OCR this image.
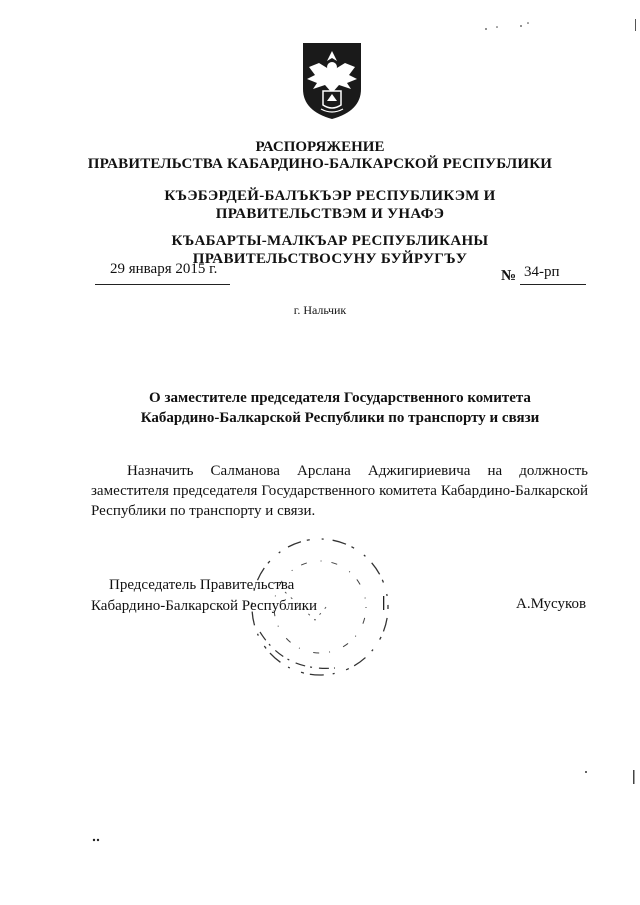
РАСПОРЯЖЕНИЕ
ПРАВИТЕЛЬСТВА КАБАРДИНО-БАЛКАРСКОЙ РЕСПУБЛИКИ
КЪЭБЭРДЕЙ-БАЛЪКЪЭР РЕСПУБЛИКЭМ И ПРАВИТЕЛЬСТВЭМ И УНАФЭ
КЪАБАРТЫ-МАЛКЪАР РЕСПУБЛИКАНЫ ПРАВИТЕЛЬСТВОСУНУ БУЙРУГЪУ
29 января 2015 г.	№ 34-рп
г. Нальчик
О заместителе председателя Государственного комитета
Кабардино-Балкарской Республики по транспорту и связи
Назначить Салманова Арслана Аджигириевича на должность заместителя председателя Государственного комитета Кабардино-Балкарской Республики по транспорту и связи.
Председатель Правительства
Кабардино-Балкарской Республики	А.Мусуков
